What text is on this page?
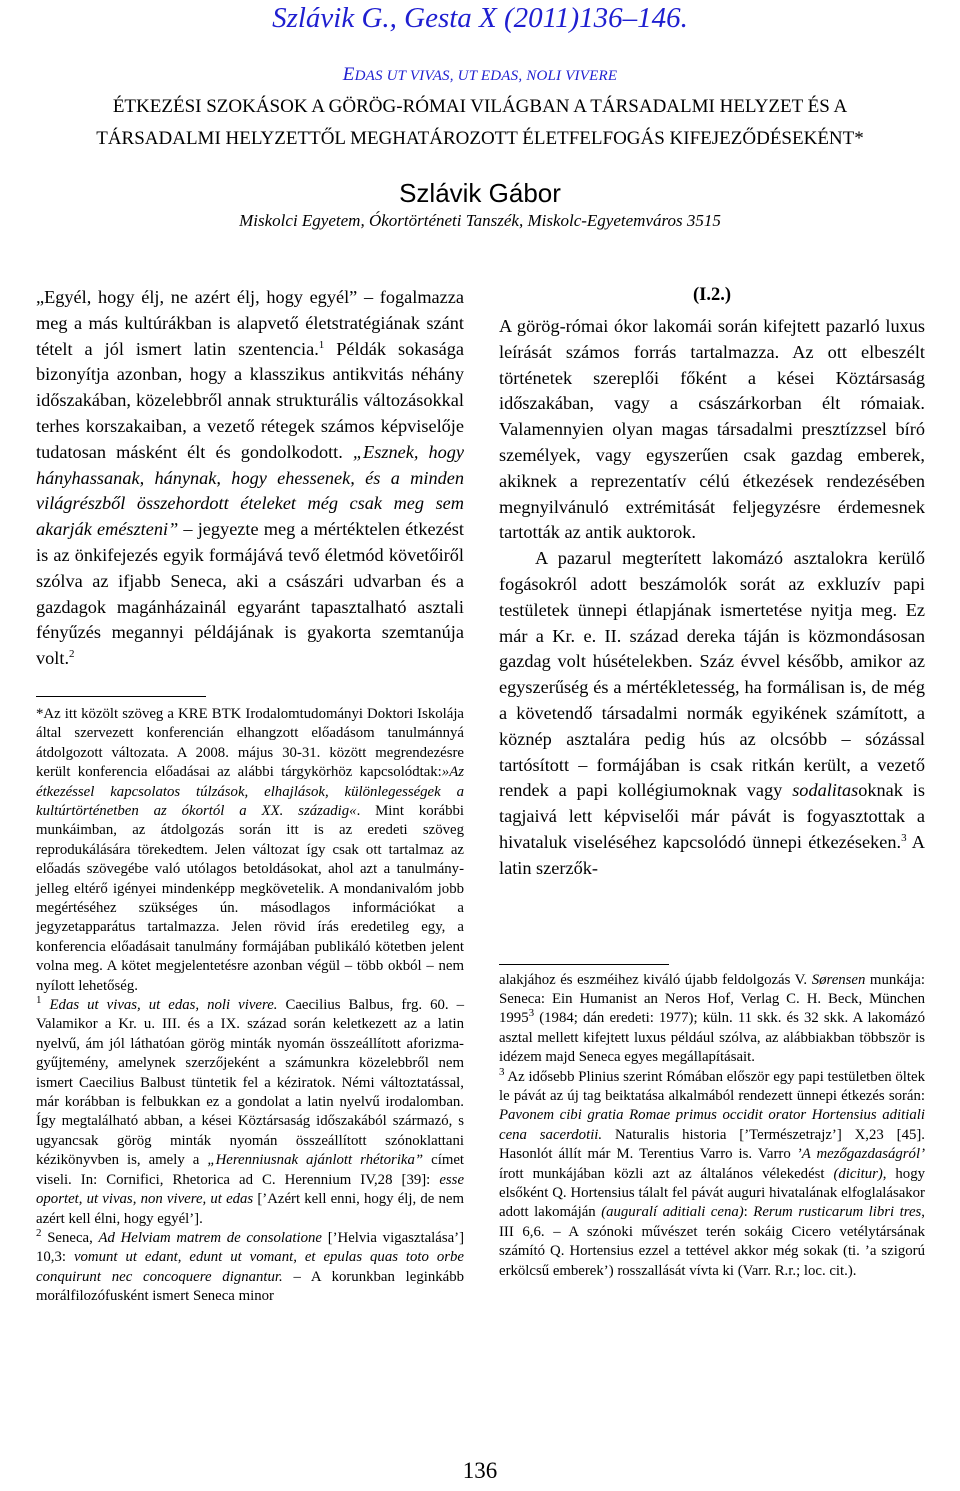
Szlávik G., Gesta X (2011)136–146.
EDAS UT VIVAS, UT EDAS, NOLI VIVERE
ÉTKEZÉSI SZOKÁSOK A GÖRÖG-RÓMAI VILÁGBAN A TÁRSADALMI HELYZET ÉS A
TÁRSADALMI HELYZETTŐL MEGHATÁROZOTT ÉLETFELFOGÁS KIFEJEZŐDÉSEKÉNT*
Szlávik Gábor
Miskolci Egyetem, Ókortörténeti Tanszék, Miskolc-Egyetemváros 3515

„Egyél, hogy élj, ne azért élj, hogy egyél” – fogalmazza meg a más kultúrákban is alapvető életstratégiának szánt tételt a jól ismert latin szentencia.$^1$ Példák sokasága bizonyítja azonban, hogy a klasszikus antikvitás néhány időszakában, közelebbről annak strukturális változásokkal terhes korszakaiban, a vezető rétegek számos képviselője tudatosan másként élt és gondolkodott. „Esznek, hogy hányhassanak, hánynak, hogy ehessenek, és a minden világrészből összehordott ételeket még csak meg sem akarják emészteni” – jegyezte meg a mértéktelen étkezést is az önkifejezés egyik formájává tevő életmód követőiről szólva az ifjabb Seneca, aki a császári udvarban és a gazdagok magánházainál egyaránt tapasztalható asztali fényűzés megannyi példájának is gyakorta szemtanúja volt.$^2$

*Az itt közölt szöveg a KRE BTK Irodalomtudományi Doktori Iskolája által szervezett konferencián elhangzott előadásom tanulmánnyá átdolgozott változata. A 2008. május 30-31. között megrendezésre került konferencia előadásai az alábbi tárgykörhöz kapcsolódtak:»Az étkezéssel kapcsolatos túlzások, elhajlások, különlegességek a kultúrtörténetben az ókortól a XX. századig«. Mint korábbi munkáimban, az átdolgozás során itt is az eredeti szöveg reprodukálására törekedtem. Jelen változat így csak ott tartalmaz az előadás szövegébe való utólagos betoldásokat, ahol azt a tanulmány-jelleg eltérő igényei mindenképp megkövetelik. A mondanivalóm jobb megértéséhez szükséges ún. másodlagos információkat a jegyzetapparátus tartalmazza. Jelen rövid írás eredetileg egy, a konferencia előadásait tanulmány formájában publikáló kötetben jelent volna meg. A kötet megjelentetésre azonban végül – több okból – nem nyílott lehetőség.

$^1$ Edas ut vivas, ut edas, noli vivere. Caecilius Balbus, frg. 60. – Valamikor a Kr. u. III. és a IX. század során keletkezett az a latin nyelvű, ám jól láthatóan görög minták nyomán összeállított aforizma-gyűjtemény, amelynek szerzőjeként a számunkra közelebbről nem ismert Caecilius Balbust tüntetik fel a kéziratok. Némi változtatással, már korábban is felbukkan ez a gondolat a latin nyelvű irodalomban. Így megtalálható abban, a kései Köztársaság időszakából származó, s ugyancsak görög minták nyomán összeállított szónoklattani kézikönyvben is, amely a „Herenniusnak ajánlott rhétorika” címet viseli. In: Cornifici, Rhetorica ad C. Herennium IV,28 [39]: esse oportet, ut vivas, non vivere, ut edas [’Azért kell enni, hogy élj, de nem azért kell élni, hogy egyél’].

$^2$ Seneca, Ad Helviam matrem de consolatione [’Helvia vigasztalása’] 10,3: vomunt ut edant, edunt ut vomant, et epulas quas toto orbe conquirunt nec concoquere dignantur. – A korunkban leginkább morálfilozófusként ismert Seneca minor

(I.2.)

A görög-római ókor lakomái során kifejtett pazarló luxus leírását számos forrás tartalmazza. Az ott elbeszélt történetek szereplői főként a kései Köztársaság időszakában, vagy a császárkorban élt rómaiak. Valamennyien olyan magas társadalmi presztízzsel bíró személyek, vagy egyszerűen csak gazdag emberek, akiknek a reprezentatív célú étkezések rendezésében megnyilvánuló extrémitását feljegyzésre érdemesnek tartották az antik auktorok.

A pazarul megterített lakomázó asztalokra kerülő fogásokról adott beszámolók sorát az exkluzív papi testületek ünnepi étlapjának ismertetése nyitja meg. Ez már a Kr. e. II. század dereka táján is közmondásosan gazdag volt húsételekben. Száz évvel később, amikor az egyszerűség és a mértékletesség, ha formálisan is, de még a követendő társadalmi normák egyikének számított, a köznép asztalára pedig hús az olcsóbb – sózással tartósított – formájában is csak ritkán került, a vezető rendek a papi kollégiumoknak vagy sodalitasoknak is tagjaivá lett képviselői már pávát is fogyasztottak a hivataluk viseléséhez kapcsolódó ünnepi étkezéseken.$^3$ A latin szerzők-

alakjához és eszméihez kiváló újabb feldolgozás V. Sørensen munkája: Seneca: Ein Humanist an Neros Hof, Verlag C. H. Beck, München 1995$^3$ (1984; dán eredeti: 1977); küln. 11 skk. és 32 skk. A lakomázó asztal mellett kifejtett luxus például szólva, az alábbiakban többször is idézem majd Seneca egyes megállapításait.

$^3$ Az idősebb Plinius szerint Rómában először egy papi testületben öltek le pávát az új tag beiktatása alkalmából rendezett ünnepi étkezés során: Pavonem cibi gratia Romae primus occidit orator Hortensius aditiali cena sacerdotii. Naturalis historia [’Természetrajz’] X,23 [45]. Hasonlót állít már M. Terentius Varro is. Varro ’A mezőgazdaságról’ írott munkájában közli azt az általános vélekedést (dicitur), hogy elsőként Q. Hortensius tálalt fel pávát auguri hivatalának elfoglalásakor adott lakomáján (auguralí aditiali cena): Rerum rusticarum libri tres, III 6,6. – A szónoki művészet terén sokáig Cicero vetélytársának számító Q. Hortensius ezzel a tettével akkor még sokak (ti. ’a szigorú erkölcsű emberek’) rosszallását vívta ki (Varr. R.r.; loc. cit.).

136
